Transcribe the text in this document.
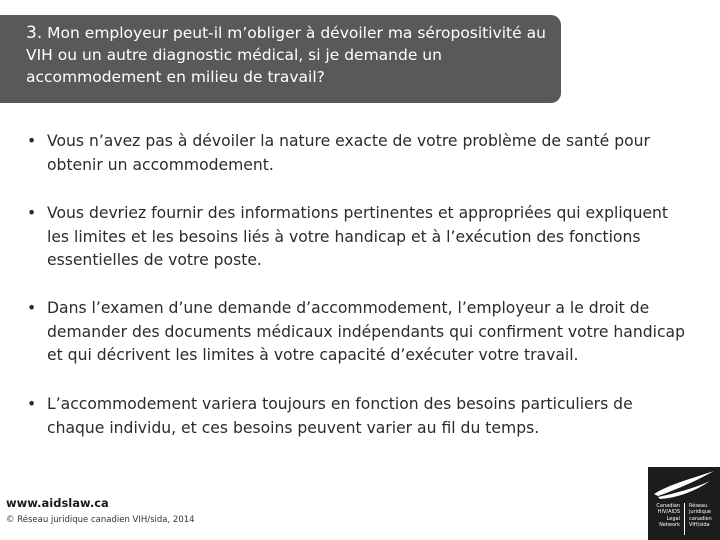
3. Mon employeur peut-il m’obliger à dévoiler ma séropositivité au VIH ou un autre diagnostic médical, si je demande un accommodement en milieu de travail?
• Vous n’avez pas à dévoiler la nature exacte de votre problème de santé pour obtenir un accommodement.
• Vous devriez fournir des informations pertinentes et appropriées qui expliquent les limites et les besoins liés à votre handicap et à l’exécution des fonctions essentielles de votre poste.
• Dans l’examen d’une demande d’accommodement, l’employeur a le droit de demander des documents médicaux indépendants qui confirment votre handicap et qui décrivent les limites à votre capacité d’exécuter votre travail.
• L’accommodement variera toujours en fonction des besoins particuliers de chaque individu, et ces besoins peuvent varier au fil du temps.
www.aidslaw.ca
© Réseau juridique canadien VIH/sida, 2014
Canadian
HIV/AIDS
Legal
Network
Réseau
juridique
canadien
VIH/sida
